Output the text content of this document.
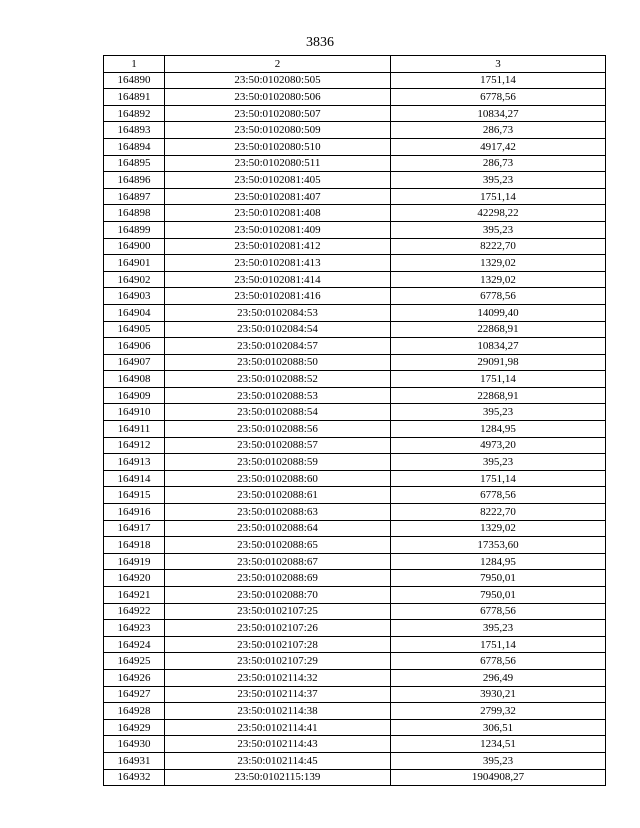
3836
1	2	3
164890	23:50:0102080:505	1751,14
164891	23:50:0102080:506	6778,56
164892	23:50:0102080:507	10834,27
164893	23:50:0102080:509	286,73
164894	23:50:0102080:510	4917,42
164895	23:50:0102080:511	286,73
164896	23:50:0102081:405	395,23
164897	23:50:0102081:407	1751,14
164898	23:50:0102081:408	42298,22
164899	23:50:0102081:409	395,23
164900	23:50:0102081:412	8222,70
164901	23:50:0102081:413	1329,02
164902	23:50:0102081:414	1329,02
164903	23:50:0102081:416	6778,56
164904	23:50:0102084:53	14099,40
164905	23:50:0102084:54	22868,91
164906	23:50:0102084:57	10834,27
164907	23:50:0102088:50	29091,98
164908	23:50:0102088:52	1751,14
164909	23:50:0102088:53	22868,91
164910	23:50:0102088:54	395,23
164911	23:50:0102088:56	1284,95
164912	23:50:0102088:57	4973,20
164913	23:50:0102088:59	395,23
164914	23:50:0102088:60	1751,14
164915	23:50:0102088:61	6778,56
164916	23:50:0102088:63	8222,70
164917	23:50:0102088:64	1329,02
164918	23:50:0102088:65	17353,60
164919	23:50:0102088:67	1284,95
164920	23:50:0102088:69	7950,01
164921	23:50:0102088:70	7950,01
164922	23:50:0102107:25	6778,56
164923	23:50:0102107:26	395,23
164924	23:50:0102107:28	1751,14
164925	23:50:0102107:29	6778,56
164926	23:50:0102114:32	296,49
164927	23:50:0102114:37	3930,21
164928	23:50:0102114:38	2799,32
164929	23:50:0102114:41	306,51
164930	23:50:0102114:43	1234,51
164931	23:50:0102114:45	395,23
164932	23:50:0102115:139	1904908,27
